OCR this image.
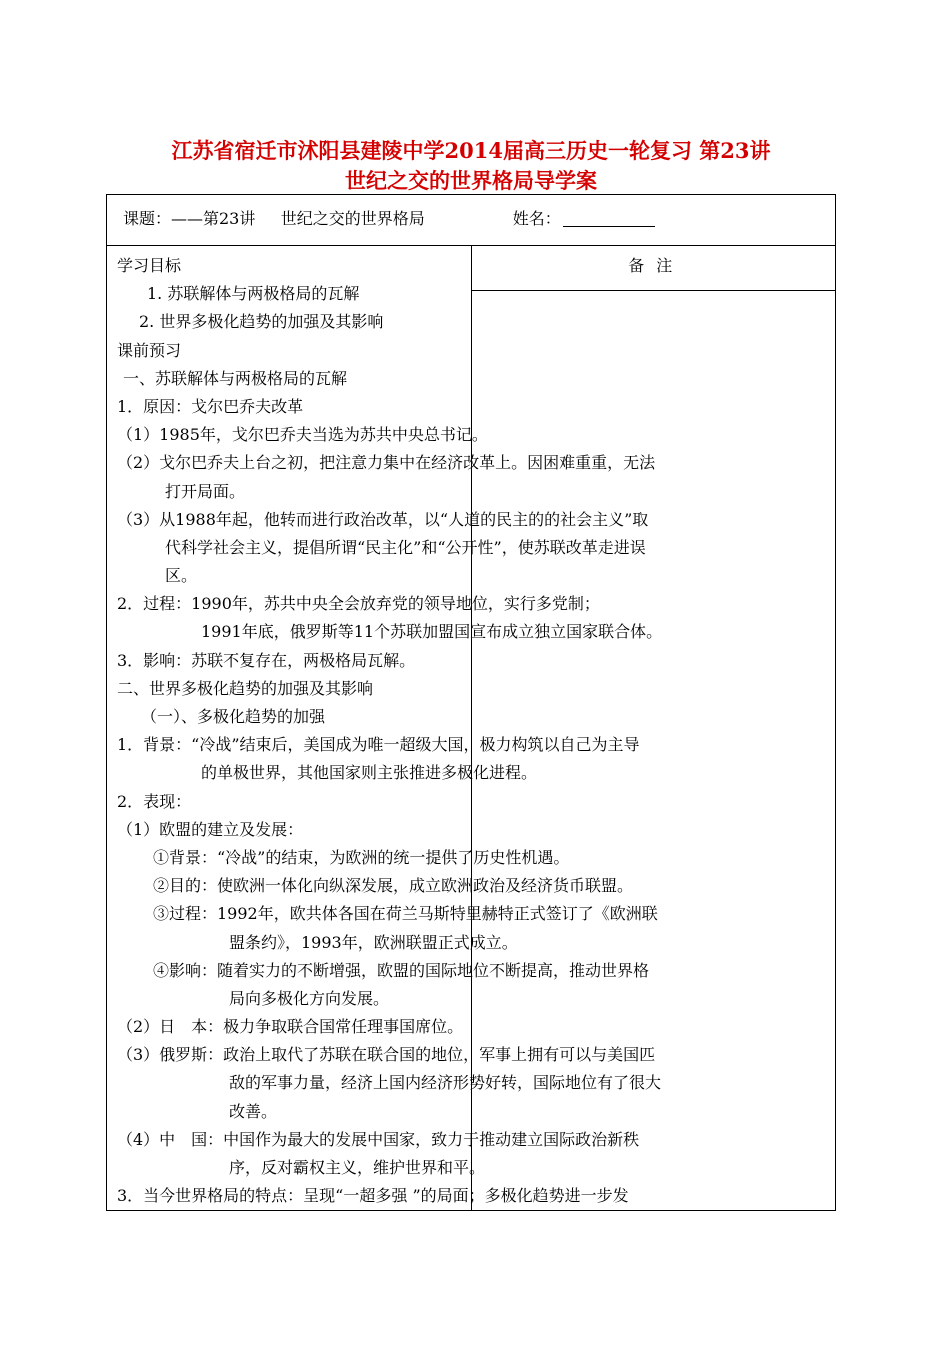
江苏省宿迁市沭阳县建陵中学2014届高三历史一轮复习 第23讲
世纪之交的世界格局导学案
课题：——第23讲     世纪之交的世界格局	姓名：

学习目标
1. 苏联解体与两极格局的瓦解
2. 世界多极化趋势的加强及其影响
课前预习
一、苏联解体与两极格局的瓦解
1．原因：戈尔巴乔夫改革
（1）1985年，戈尔巴乔夫当选为苏共中央总书记。
（2）戈尔巴乔夫上台之初，把注意力集中在经济改革上。因困难重重，无法
打开局面。
（3）从1988年起，他转而进行政治改革，以“人道的民主的的社会主义”取
代科学社会主义，提倡所谓“民主化”和“公开性”，使苏联改革走进误
区。
2．过程：1990年，苏共中央全会放弃党的领导地位，实行多党制；
1991年底，俄罗斯等11个苏联加盟国宣布成立独立国家联合体。
3．影响：苏联不复存在，两极格局瓦解。
二、世界多极化趋势的加强及其影响
（一）、多极化趋势的加强
1．背景：“冷战”结束后，美国成为唯一超级大国，极力构筑以自己为主导
的单极世界，其他国家则主张推进多极化进程。
2．表现：
（1）欧盟的建立及发展：
①背景：“冷战”的结束，为欧洲的统一提供了历史性机遇。
②目的：使欧洲一体化向纵深发展，成立欧洲政治及经济货币联盟。
③过程：1992年，欧共体各国在荷兰马斯特里赫特正式签订了《欧洲联
盟条约》，1993年，欧洲联盟正式成立。
④影响：随着实力的不断增强，欧盟的国际地位不断提高，推动世界格
局向多极化方向发展。
（2）日　本：极力争取联合国常任理事国席位。
（3）俄罗斯：政治上取代了苏联在联合国的地位，军事上拥有可以与美国匹
敌的军事力量，经济上国内经济形势好转，国际地位有了很大
改善。
（4）中　国：中国作为最大的发展中国家，致力于推动建立国际政治新秩
序，反对霸权主义，维护世界和平。
3．当今世界格局的特点：呈现“一超多强 ”的局面；多极化趋势进一步发

备注
